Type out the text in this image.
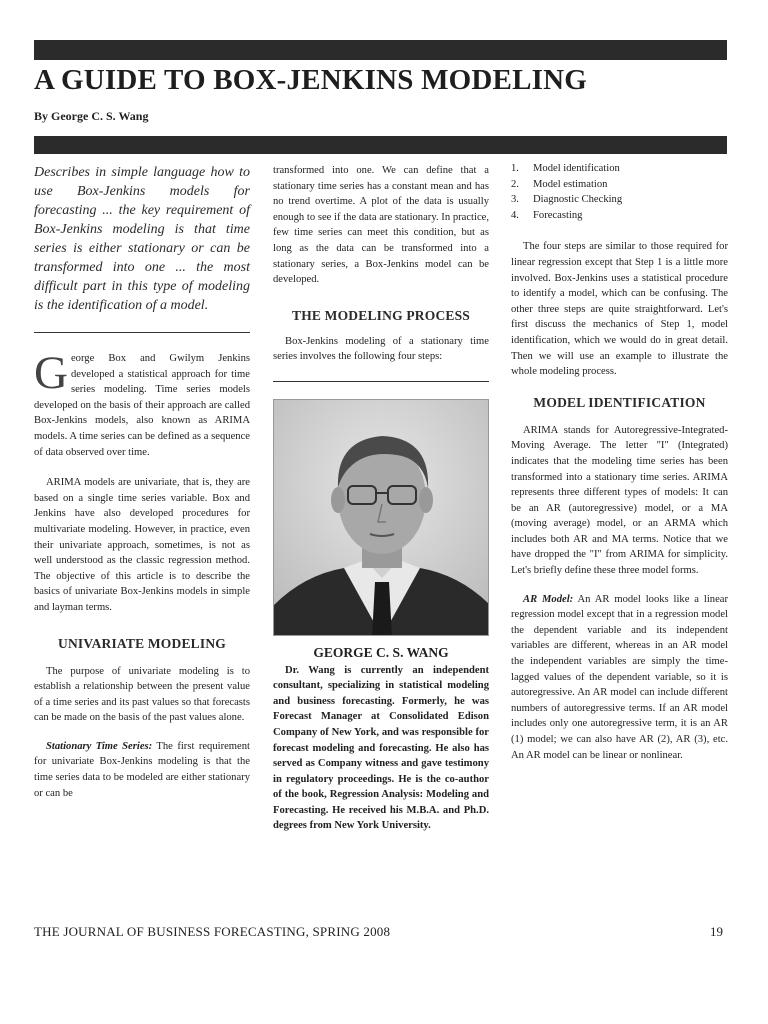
A GUIDE TO BOX-JENKINS MODELING
By George C. S. Wang
Describes in simple language how to use Box-Jenkins models for forecasting ... the key requirement of Box-Jenkins modeling is that time series is either stationary or can be transformed into one ... the most difficult part in this type of modeling is the identification of a model.

George Box and Gwilym Jenkins developed a statistical approach for time series modeling. Time series models developed on the basis of their approach are called Box-Jenkins models, also known as ARIMA models. A time series can be defined as a sequence of data observed over time.

ARIMA models are univariate, that is, they are based on a single time series variable. Box and Jenkins have also developed procedures for multivariate modeling. However, in practice, even their univariate approach, sometimes, is not as well understood as the classic regression method. The objective of this article is to describe the basics of univariate Box-Jenkins models in simple and layman terms.

UNIVARIATE MODELING

The purpose of univariate modeling is to establish a relationship between the present value of a time series and its past values so that forecasts can be made on the basis of the past values alone.

Stationary Time Series: The first requirement for univariate Box-Jenkins modeling is that the time series data to be modeled are either stationary or can be

transformed into one. We can define that a stationary time series has a constant mean and has no trend overtime. A plot of the data is usually enough to see if the data are stationary. In practice, few time series can meet this condition, but as long as the data can be transformed into a stationary series, a Box-Jenkins model can be developed.

THE MODELING PROCESS

Box-Jenkins modeling of a stationary time series involves the following four steps:

GEORGE C. S. WANG

Dr. Wang is currently an independent consultant, specializing in statistical modeling and business forecasting. Formerly, he was Forecast Manager at Consolidated Edison Company of New York, and was responsible for forecast modeling and forecasting. He also has served as Company witness and gave testimony in regulatory proceedings. He is the co-author of the book, Regression Analysis: Modeling and Forecasting. He received his M.B.A. and Ph.D. degrees from New York University.

1. Model identification
2. Model estimation
3. Diagnostic Checking
4. Forecasting

The four steps are similar to those required for linear regression except that Step 1 is a little more involved. Box-Jenkins uses a statistical procedure to identify a model, which can be confusing. The other three steps are quite straightforward. Let's first discuss the mechanics of Step 1, model identification, which we would do in great detail. Then we will use an example to illustrate the whole modeling process.

MODEL IDENTIFICATION

ARIMA stands for Autoregressive-Integrated-Moving Average. The letter "I" (Integrated) indicates that the modeling time series has been transformed into a stationary time series. ARIMA represents three different types of models: It can be an AR (autoregressive) model, or a MA (moving average) model, or an ARMA which includes both AR and MA terms. Notice that we have dropped the "I" from ARIMA for simplicity. Let's briefly define these three model forms.

AR Model: An AR model looks like a linear regression model except that in a regression model the dependent variable and its independent variables are different, whereas in an AR model the independent variables are simply the time-lagged values of the dependent variable, so it is autoregressive. An AR model can include different numbers of autoregressive terms. If an AR model includes only one autoregressive term, it is an AR (1) model; we can also have AR (2), AR (3), etc. An AR model can be linear or nonlinear.

THE JOURNAL OF BUSINESS FORECASTING, SPRING 2008	19
